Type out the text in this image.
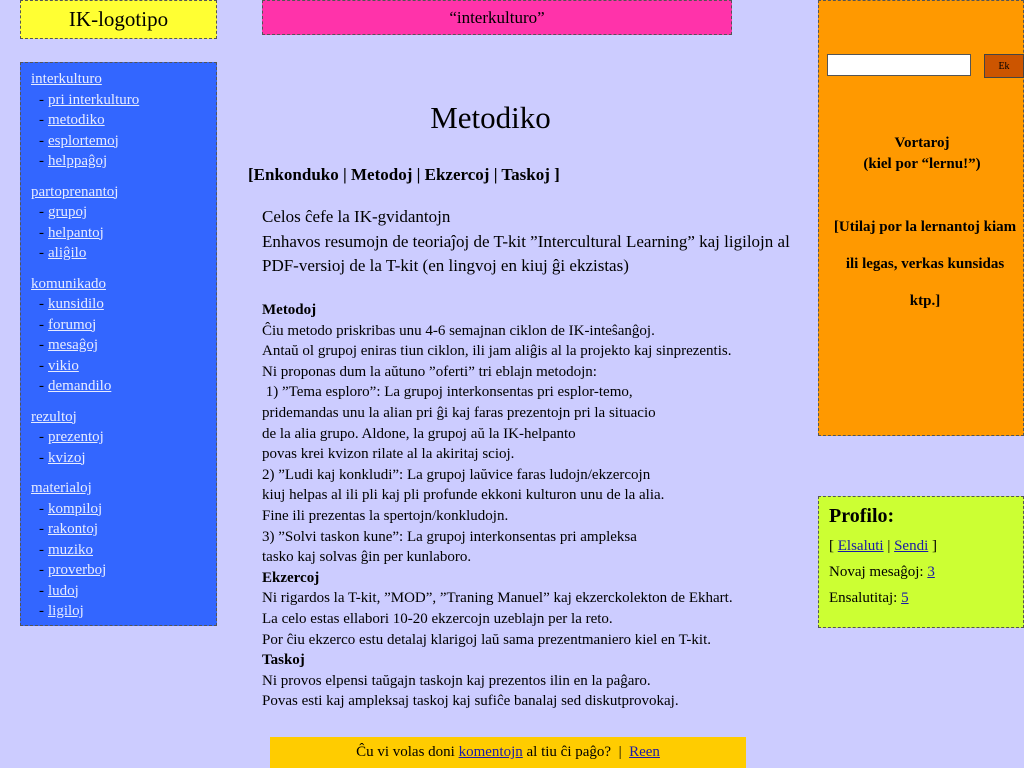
IK-logotipo	“interkulturo”
interkulturo
- pri interkulturo
- metodiko
- esplortemoj
- helppaĝoj
partoprenantoj
- grupoj
- helpantoj
- aliĝilo
komunikado
- kunsidilo
- forumoj
- mesaĝoj
- vikio
- demandilo
rezultoj
- prezentoj
- kvizoj
materialoj
- kompiloj
- rakontoj
- muziko
- proverboj
- ludoj
- ligiloj
Ek
Vortaroj
(kiel por “lernu!”)
[Utilaj por la lernantoj kiam ili legas, verkas kunsidas ktp.]
Profilo:

[ Elsaluti | Sendi ]

Novaj mesaĝoj: 3

Ensalutitaj: 5

Metodiko
[Enkonduko | Metodoj | Ekzercoj | Taskoj ]
Celos ĉefe la IK-gvidantojn
Enhavos resumojn de teoriaĵoj de T-kit ”Intercultural Learning” kaj ligilojn al PDF-versioj de la T-kit (en lingvoj en kiuj ĝi ekzistas)
Metodoj
Ĉiu metodo priskribas unu 4-6 semajnan ciklon de IK-inteŝanĝoj.
Antaŭ ol grupoj eniras tiun ciklon, ili jam aliĝis al la projekto kaj sinprezentis.
Ni proponas dum la aŭtuno ”oferti” tri eblajn metodojn:
1) ”Tema esploro”: La grupoj interkonsentas pri esplor-temo,
pridemandas unu la alian pri ĝi kaj faras prezentojn pri la situacio
de la alia grupo. Aldone, la grupoj aŭ la IK-helpanto
povas krei kvizon rilate al la akiritaj scioj.
2) ”Ludi kaj konkludi”: La grupoj laŭvice faras ludojn/ekzercojn
kiuj helpas al ili pli kaj pli profunde ekkoni kulturon unu de la alia.
Fine ili prezentas la spertojn/konkludojn.
3) ”Solvi taskon kune”: La grupoj interkonsentas pri ampleksa
tasko kaj solvas ĝin per kunlaboro.
Ekzercoj
Ni rigardos la T-kit, ”MOD”, ”Traning Manuel” kaj ekzerckolekton de Ekhart.
La celo estas ellabori 10-20 ekzercojn uzeblajn per la reto.
Por ĉiu ekzerco estu detalaj klarigoj laŭ sama prezentmaniero kiel en T-kit.
Taskoj
Ni provos elpensi taŭgajn taskojn kaj prezentos ilin en la paĝaro.
Povas esti kaj ampleksaj taskoj kaj sufiĉe banalaj sed diskutprovokaj.
Ĉu vi volas doni komentojn al tiu ĉi paĝo?  | Reen
